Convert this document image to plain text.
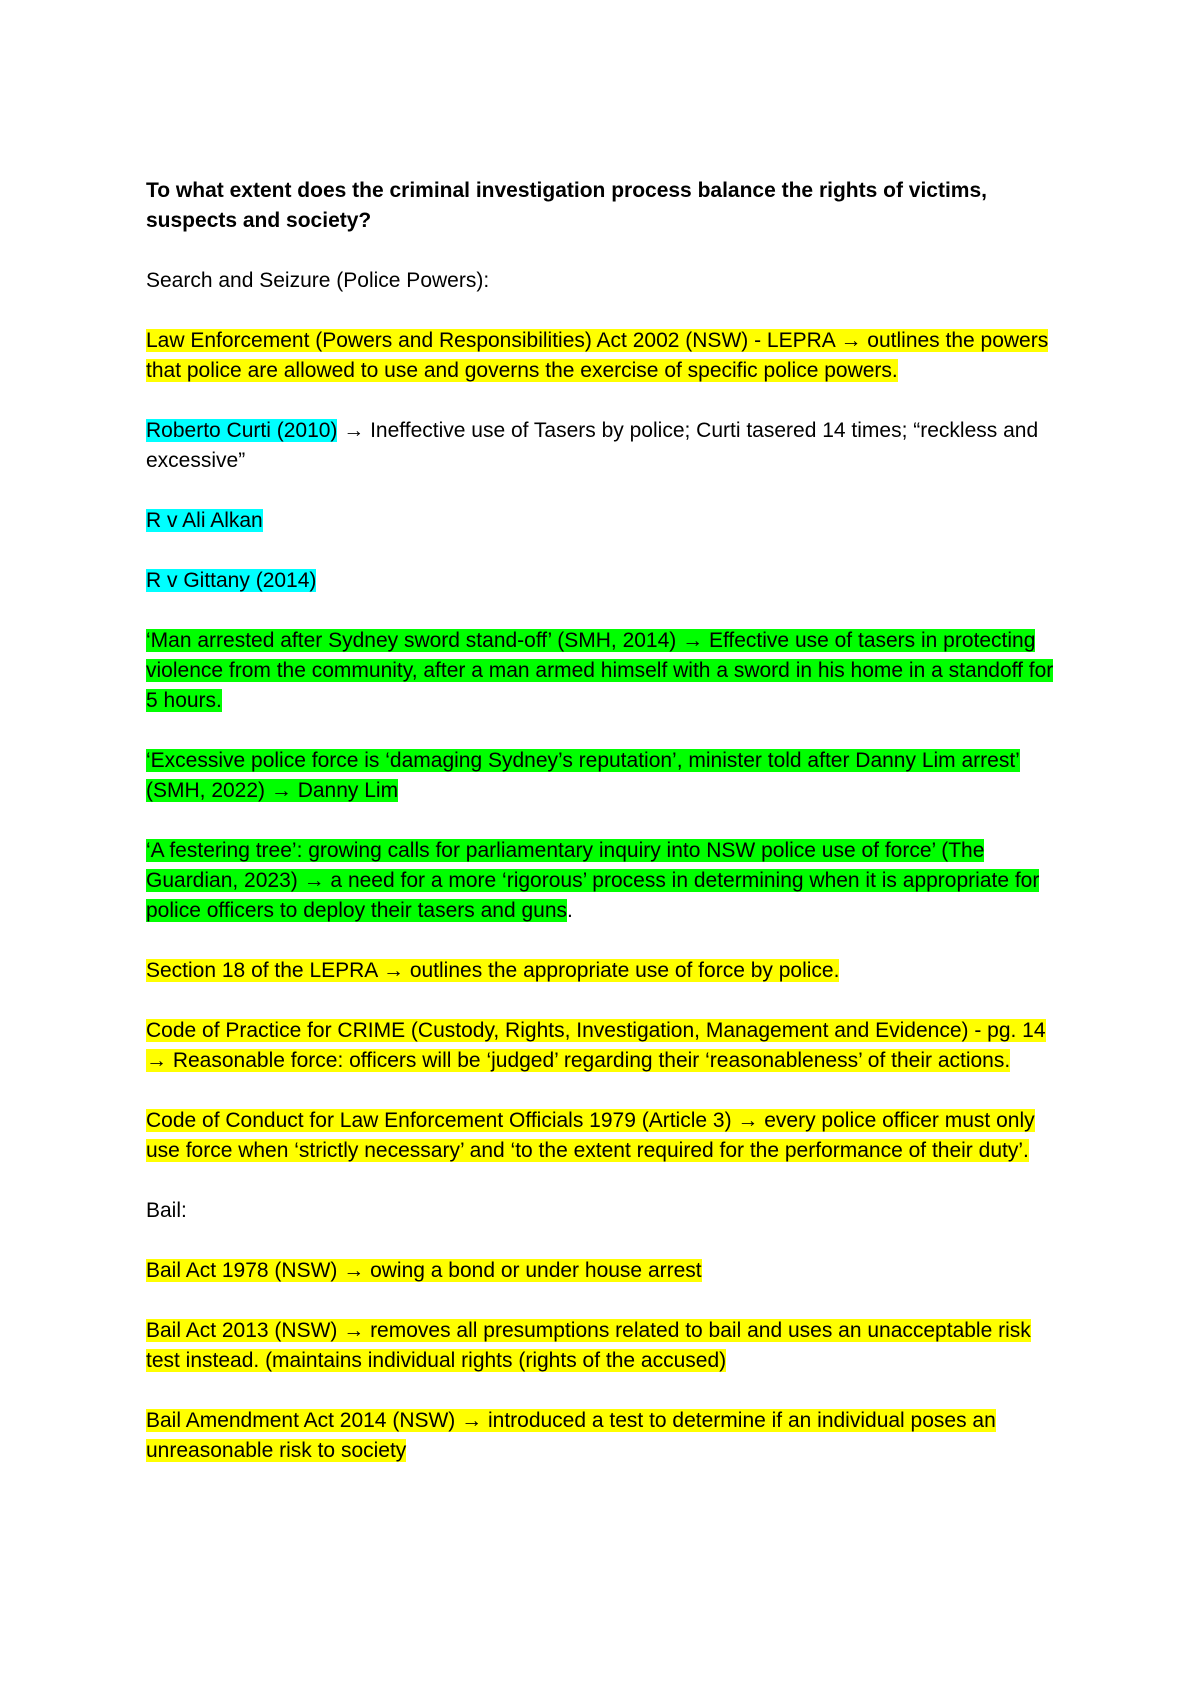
To what extent does the criminal investigation process balance the rights of victims, suspects and society?

Search and Seizure (Police Powers):

Law Enforcement (Powers and Responsibilities) Act 2002 (NSW) - LEPRA → outlines the powers that police are allowed to use and governs the exercise of specific police powers.

Roberto Curti (2010) → Ineffective use of Tasers by police; Curti tasered 14 times; “reckless and excessive”

R v Ali Alkan

R v Gittany (2014)

‘Man arrested after Sydney sword stand-off’ (SMH, 2014) → Effective use of tasers in protecting violence from the community, after a man armed himself with a sword in his home in a standoff for 5 hours.

‘Excessive police force is ‘damaging Sydney’s reputation’, minister told after Danny Lim arrest’ (SMH, 2022) → Danny Lim

‘A festering tree’: growing calls for parliamentary inquiry into NSW police use of force’ (The Guardian, 2023) → a need for a more ‘rigorous’ process in determining when it is appropriate for police officers to deploy their tasers and guns.

Section 18 of the LEPRA → outlines the appropriate use of force by police.

Code of Practice for CRIME (Custody, Rights, Investigation, Management and Evidence) - pg. 14 → Reasonable force: officers will be ‘judged’ regarding their ‘reasonableness’ of their actions.

Code of Conduct for Law Enforcement Officials 1979 (Article 3) → every police officer must only use force when ‘strictly necessary’ and ‘to the extent required for the performance of their duty’.

Bail:

Bail Act 1978 (NSW) → owing a bond or under house arrest

Bail Act 2013 (NSW) → removes all presumptions related to bail and uses an unacceptable risk test instead. (maintains individual rights (rights of the accused)

Bail Amendment Act 2014 (NSW) → introduced a test to determine if an individual poses an unreasonable risk to society
